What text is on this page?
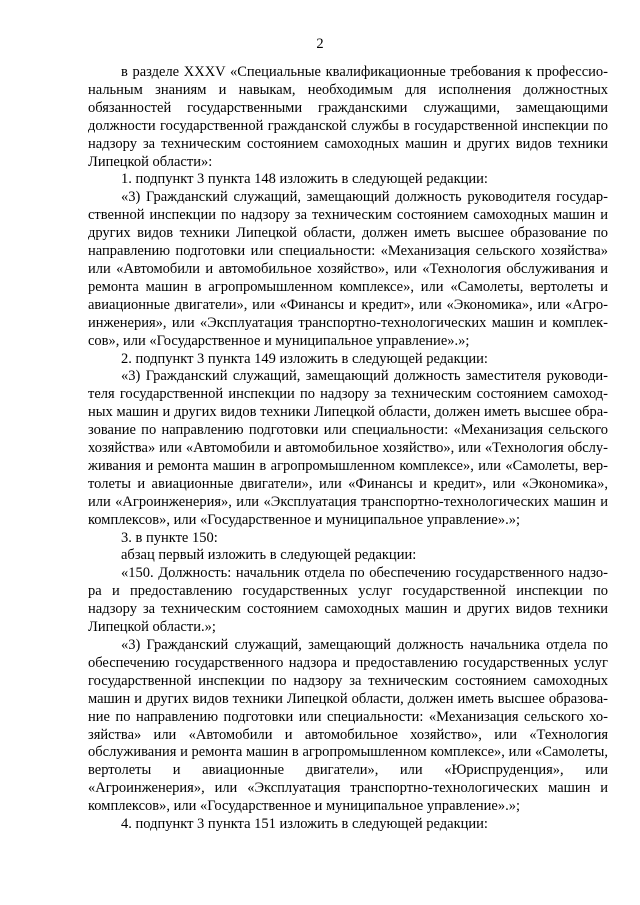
2

в разделе XXXV «Специальные квалификационные требования к профессиональным знаниям и навыкам, необходимым для исполнения должностных обязанностей государственными гражданскими служащими, замещающими должности государственной гражданской службы в государственной инспекции по надзору за техническим состоянием самоходных машин и других видов техники Липецкой области»:

1. подпункт 3 пункта 148 изложить в следующей редакции:

«3) Гражданский служащий, замещающий должность руководителя государственной инспекции по надзору за техническим состоянием самоходных машин и других видов техники Липецкой области, должен иметь высшее образование по направлению подготовки или специальности: «Механизация сельского хозяйства» или «Автомобили и автомобильное хозяйство», или «Технология обслуживания и ремонта машин в агропромышленном комплексе», или «Самолеты, вертолеты и авиационные двигатели», или «Финансы и кредит», или «Экономика», или «Агроинженерия», или «Эксплуатация транспортно-технологических машин и комплексов», или «Государственное и муниципальное управление».»;

2. подпункт 3 пункта 149 изложить в следующей редакции:

«3) Гражданский служащий, замещающий должность заместителя руководителя государственной инспекции по надзору за техническим состоянием самоходных машин и других видов техники Липецкой области, должен иметь высшее образование по направлению подготовки или специальности: «Механизация сельского хозяйства» или «Автомобили и автомобильное хозяйство», или «Технология обслуживания и ремонта машин в агропромышленном комплексе», или «Самолеты, вертолеты и авиационные двигатели», или «Финансы и кредит», или «Экономика», или «Агроинженерия», или «Эксплуатация транспортно-технологических машин и комплексов», или «Государственное и муниципальное управление».»;

3. в пункте 150:

абзац первый изложить в следующей редакции:

«150. Должность: начальник отдела по обеспечению государственного надзора и предоставлению государственных услуг государственной инспекции по надзору за техническим состоянием самоходных машин и других видов техники Липецкой области.»;

«3) Гражданский служащий, замещающий должность начальника отдела по обеспечению государственного надзора и предоставлению государственных услуг государственной инспекции по надзору за техническим состоянием самоходных машин и других видов техники Липецкой области, должен иметь высшее образование по направлению подготовки или специальности: «Механизация сельского хозяйства» или «Автомобили и автомобильное хозяйство», или «Технология обслуживания и ремонта машин в агропромышленном комплексе», или «Самолеты, вертолеты и авиационные двигатели», или «Юриспруденция», или «Агроинженерия», или «Эксплуатация транспортно-технологических машин и комплексов», или «Государственное и муниципальное управление».»;

4. подпункт 3 пункта 151 изложить в следующей редакции:
